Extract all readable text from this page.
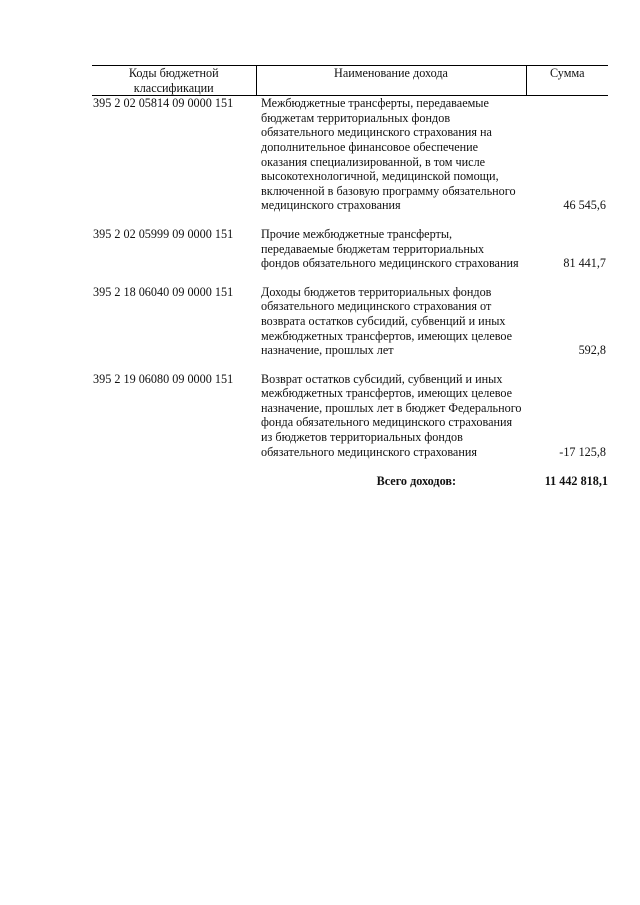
Коды бюджетной классификации	Наименование дохода	Сумма
395 2 02 05814 09 0000 151	Межбюджетные трансферты, передаваемые бюджетам территориальных фондов обязательного медицинского страхования на дополнительное финансовое обеспечение оказания специализированной, в том числе высокотехнологичной, медицинской помощи, включенной в базовую программу обязательного медицинского страхования	46 545,6

395 2 02 05999 09 0000 151	Прочие межбюджетные трансферты, передаваемые бюджетам территориальных фондов обязательного медицинского страхования	81 441,7

395 2 18 06040 09 0000 151	Доходы бюджетов территориальных фондов обязательного медицинского страхования от возврата остатков субсидий, субвенций и иных межбюджетных трансфертов, имеющих целевое назначение, прошлых лет	592,8

395 2 19 06080 09 0000 151	Возврат остатков субсидий, субвенций и иных межбюджетных трансфертов, имеющих целевое назначение, прошлых лет в бюджет Федерального фонда обязательного медицинского страхования из бюджетов территориальных фондов обязательного медицинского страхования	-17 125,8

	Всего доходов:	11 442 818,1
